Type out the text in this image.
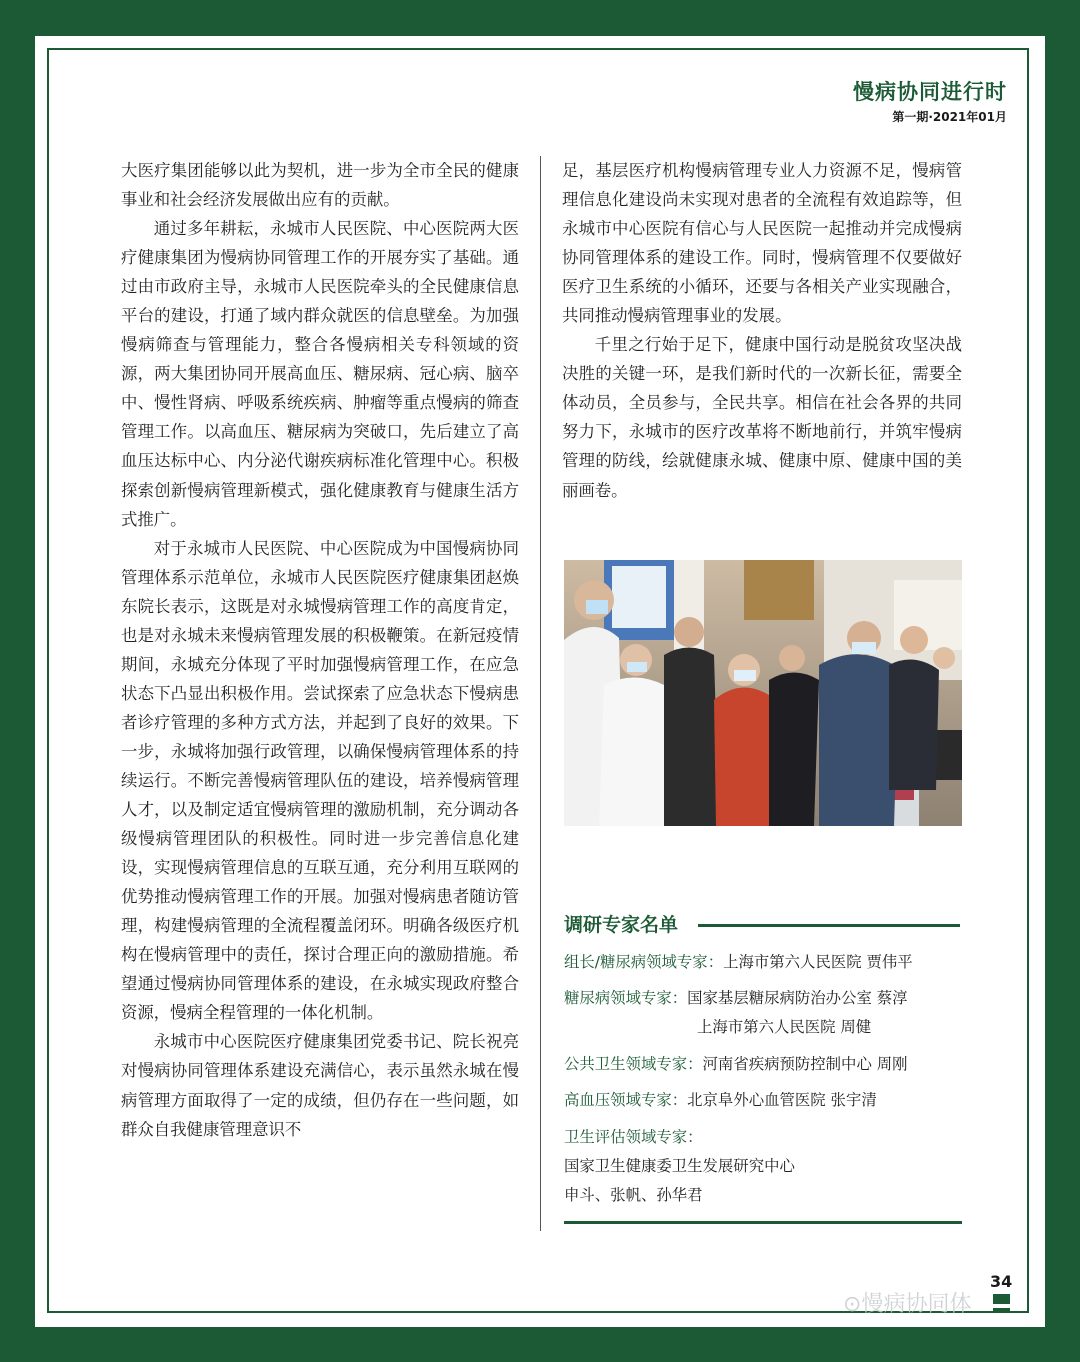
慢病协同进行时
第一期·2021年01月

大医疗集团能够以此为契机，进一步为全市全民的健康事业和社会经济发展做出应有的贡献。

通过多年耕耘，永城市人民医院、中心医院两大医疗健康集团为慢病协同管理工作的开展夯实了基础。通过由市政府主导，永城市人民医院牵头的全民健康信息平台的建设，打通了域内群众就医的信息壁垒。为加强慢病筛查与管理能力，整合各慢病相关专科领域的资源，两大集团协同开展高血压、糖尿病、冠心病、脑卒中、慢性肾病、呼吸系统疾病、肿瘤等重点慢病的筛查管理工作。以高血压、糖尿病为突破口，先后建立了高血压达标中心、内分泌代谢疾病标准化管理中心。积极探索创新慢病管理新模式，强化健康教育与健康生活方式推广。

对于永城市人民医院、中心医院成为中国慢病协同管理体系示范单位，永城市人民医院医疗健康集团赵焕东院长表示，这既是对永城慢病管理工作的高度肯定，也是对永城未来慢病管理发展的积极鞭策。在新冠疫情期间，永城充分体现了平时加强慢病管理工作，在应急状态下凸显出积极作用。尝试探索了应急状态下慢病患者诊疗管理的多种方式方法，并起到了良好的效果。下一步，永城将加强行政管理，以确保慢病管理体系的持续运行。不断完善慢病管理队伍的建设，培养慢病管理人才，以及制定适宜慢病管理的激励机制，充分调动各级慢病管理团队的积极性。同时进一步完善信息化建设，实现慢病管理信息的互联互通，充分利用互联网的优势推动慢病管理工作的开展。加强对慢病患者随访管理，构建慢病管理的全流程覆盖闭环。明确各级医疗机构在慢病管理中的责任，探讨合理正向的激励措施。希望通过慢病协同管理体系的建设，在永城实现政府整合资源，慢病全程管理的一体化机制。

永城市中心医院医疗健康集团党委书记、院长祝亮对慢病协同管理体系建设充满信心，表示虽然永城在慢病管理方面取得了一定的成绩，但仍存在一些问题，如群众自我健康管理意识不

足，基层医疗机构慢病管理专业人力资源不足，慢病管理信息化建设尚未实现对患者的全流程有效追踪等，但永城市中心医院有信心与人民医院一起推动并完成慢病协同管理体系的建设工作。同时，慢病管理不仅要做好医疗卫生系统的小循环，还要与各相关产业实现融合，共同推动慢病管理事业的发展。

千里之行始于足下，健康中国行动是脱贫攻坚决战决胜的关键一环，是我们新时代的一次新长征，需要全体动员，全员参与，全民共享。相信在社会各界的共同努力下，永城市的医疗改革将不断地前行，并筑牢慢病管理的防线，绘就健康永城、健康中原、健康中国的美丽画卷。

调研专家名单
组长/糖尿病领域专家：上海市第六人民医院 贾伟平
糖尿病领域专家：国家基层糖尿病防治办公室 蔡淳
上海市第六人民医院 周健
公共卫生领域专家：河南省疾病预防控制中心 周刚
高血压领域专家：北京阜外心血管医院 张宇清
卫生评估领域专家：
国家卫生健康委卫生发展研究中心
申斗、张帆、孙华君
34
⊙慢病协同体
